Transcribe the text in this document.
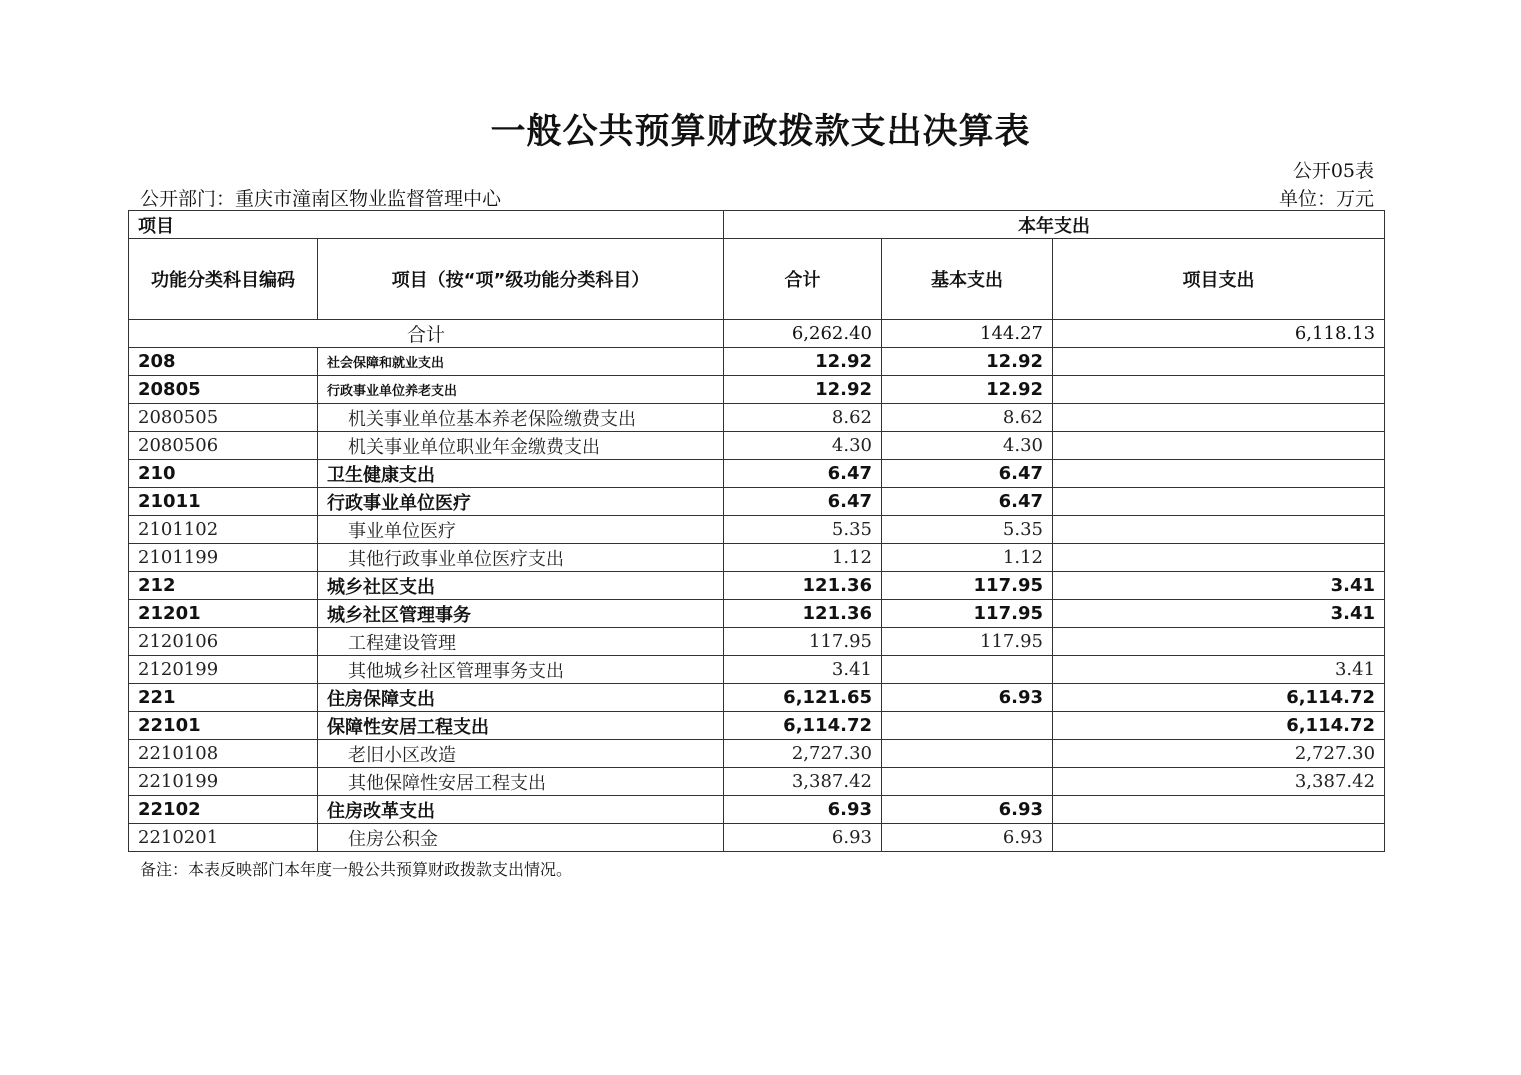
一般公共预算财政拨款支出决算表
公开05表
公开部门：重庆市潼南区物业监督管理中心	单位：万元
项目		本年支出		
功能分类科目编码	项目（按“项”级功能分类科目）	合计	基本支出	项目支出
合计		6,262.40	144.27	6,118.13
208	社会保障和就业支出	12.92	12.92	
20805	行政事业单位养老支出	12.92	12.92	
2080505	机关事业单位基本养老保险缴费支出	8.62	8.62	
2080506	机关事业单位职业年金缴费支出	4.30	4.30	
210	卫生健康支出	6.47	6.47	
21011	行政事业单位医疗	6.47	6.47	
2101102	事业单位医疗	5.35	5.35	
2101199	其他行政事业单位医疗支出	1.12	1.12	
212	城乡社区支出	121.36	117.95	3.41
21201	城乡社区管理事务	121.36	117.95	3.41
2120106	工程建设管理	117.95	117.95	
2120199	其他城乡社区管理事务支出	3.41		3.41
221	住房保障支出	6,121.65	6.93	6,114.72
22101	保障性安居工程支出	6,114.72		6,114.72
2210108	老旧小区改造	2,727.30		2,727.30
2210199	其他保障性安居工程支出	3,387.42		3,387.42
22102	住房改革支出	6.93	6.93	
2210201	住房公积金	6.93	6.93	
备注：本表反映部门本年度一般公共预算财政拨款支出情况。
